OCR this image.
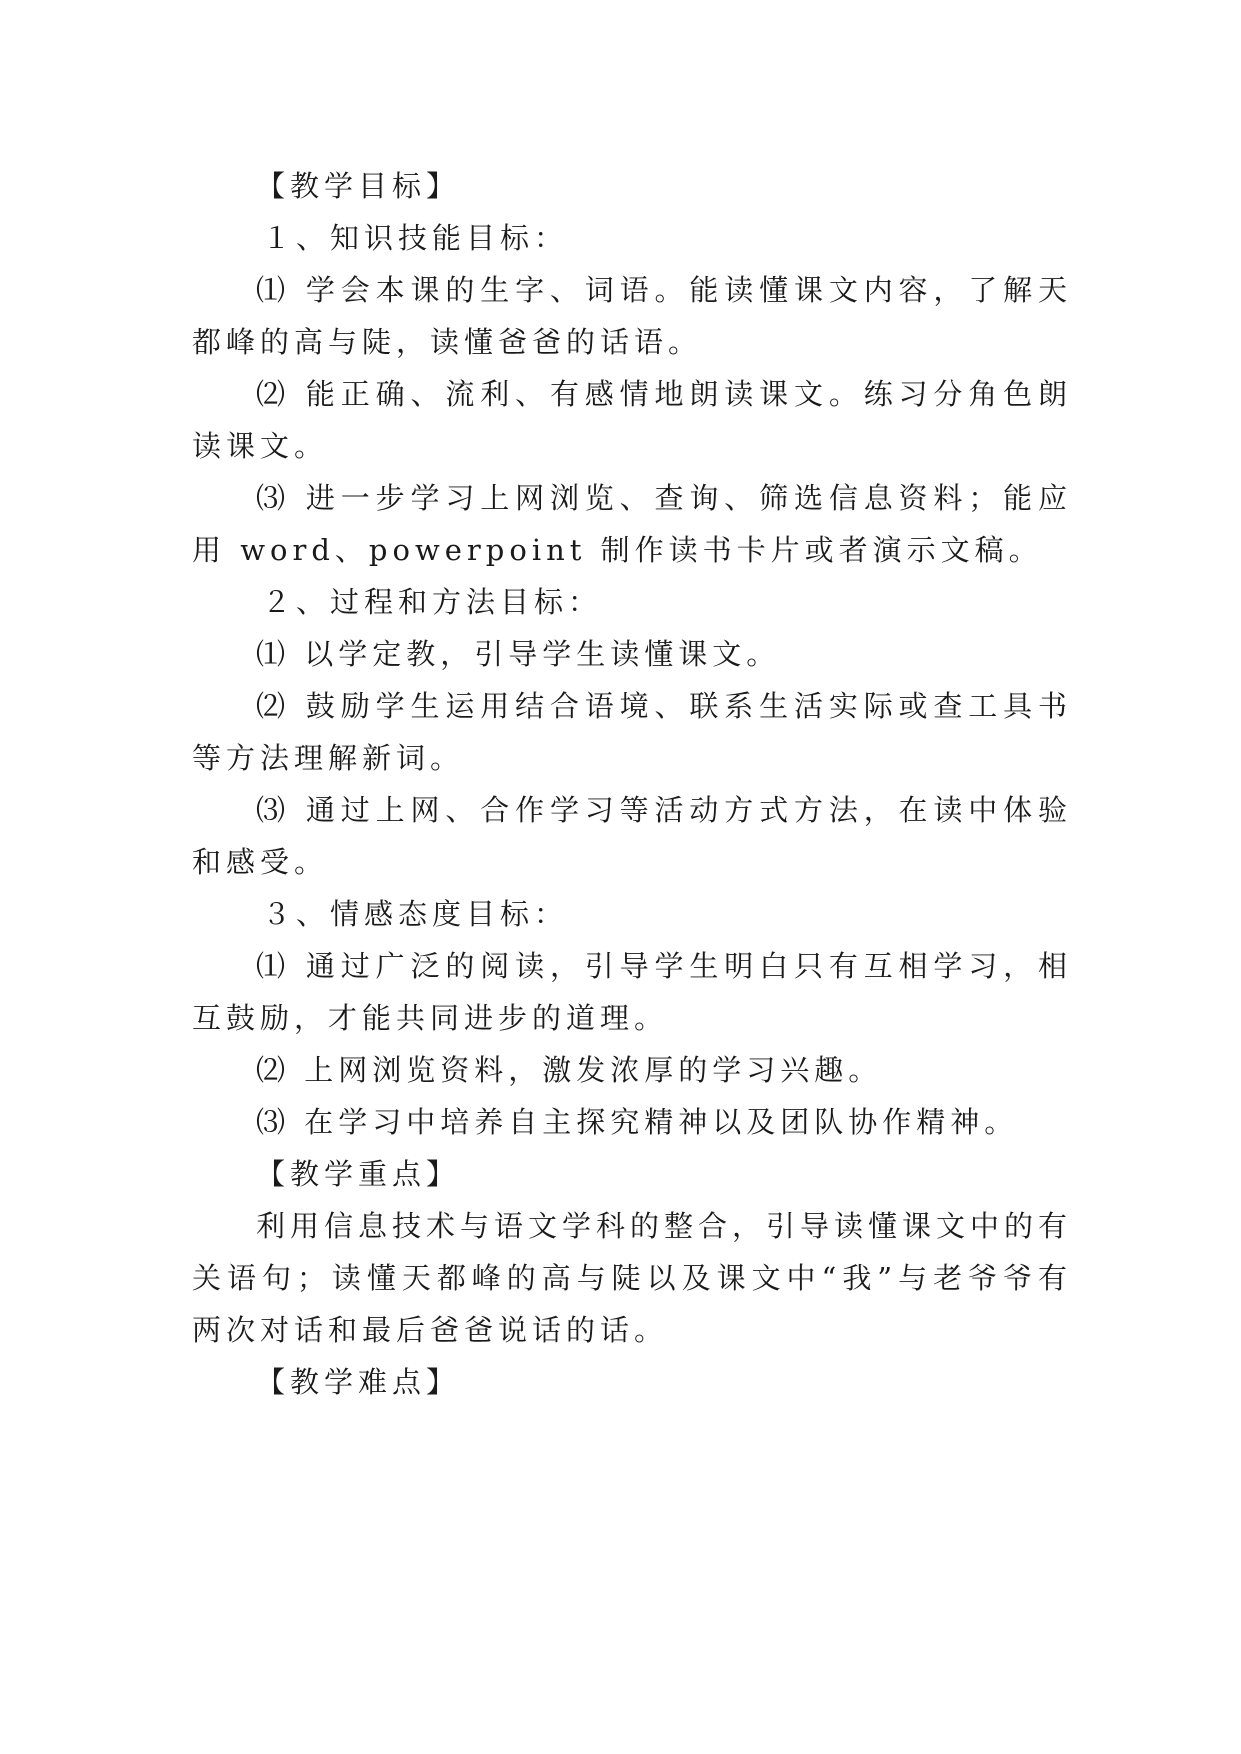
【教学目标】
１、知识技能目标：
⑴ 学会本课的生字、词语。能读懂课文内容，了解天
都峰的高与陡，读懂爸爸的话语。
⑵ 能正确、流利、有感情地朗读课文。练习分角色朗
读课文。
⑶ 进一步学习上网浏览、查询、筛选信息资料；能应
用 word、powerpoint 制作读书卡片或者演示文稿。
２、过程和方法目标：
⑴ 以学定教，引导学生读懂课文。
⑵ 鼓励学生运用结合语境、联系生活实际或查工具书
等方法理解新词。
⑶ 通过上网、合作学习等活动方式方法，在读中体验
和感受。
３、情感态度目标：
⑴ 通过广泛的阅读，引导学生明白只有互相学习，相
互鼓励，才能共同进步的道理。
⑵ 上网浏览资料，激发浓厚的学习兴趣。
⑶ 在学习中培养自主探究精神以及团队协作精神。
【教学重点】
利用信息技术与语文学科的整合，引导读懂课文中的有
关语句；读懂天都峰的高与陡以及课文中“我”与老爷爷有
两次对话和最后爸爸说话的话。
【教学难点】
